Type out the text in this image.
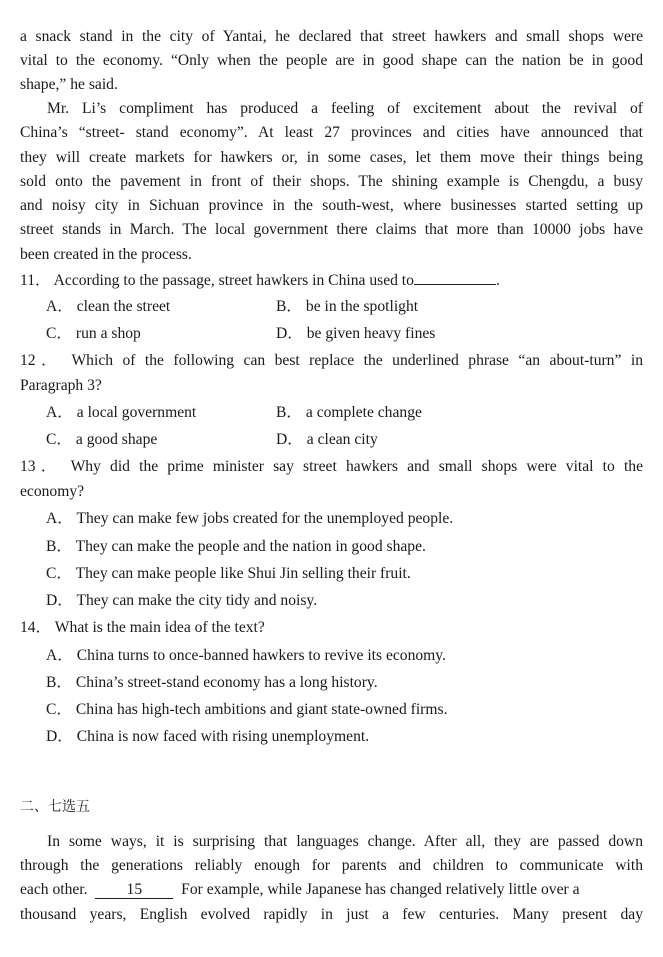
a snack stand in the city of Yantai, he declared that street hawkers and small shops were
vital to the economy. “Only when the people are in good shape can the nation be in good
shape,” he said.
Mr. Li’s compliment has produced a feeling of excitement about the revival of
China’s “street- stand economy”. At least 27 provinces and cities have announced that
they will create markets for hawkers or, in some cases, let them move their things being
sold onto the pavement in front of their shops. The shining example is Chengdu, a busy
and noisy city in Sichuan province in the south-west, where businesses started setting up
street stands in March. The local government there claims that more than 10000 jobs have
been created in the process.
11． According to the passage, street hawkers in China used to	.
A． clean the street	B． be in the spotlight
C． run a shop	D． be given heavy fines
12． Which of the following can best replace the underlined phrase “an about-turn” in
Paragraph 3?
A． a local government	B． a complete change
C． a good shape	D． a clean city
13． Why did the prime minister say street hawkers and small shops were vital to the
economy?
A． They can make few jobs created for the unemployed people.
B． They can make the people and the nation in good shape.
C． They can make people like Shui Jin selling their fruit.
D． They can make the city tidy and noisy.
14． What is the main idea of the text?
A． China turns to once-banned hawkers to revive its economy.
B． China’s street-stand economy has a long history.
C． China has high-tech ambitions and giant state-owned firms.
D． China is now faced with rising unemployment.
二、七选五
In some ways, it is surprising that languages change. After all, they are passed down
through the generations reliably enough for parents and children to communicate with
each other.	15	For example, while Japanese has changed relatively little over a
thousand years, English evolved rapidly in just a few centuries. Many present day
